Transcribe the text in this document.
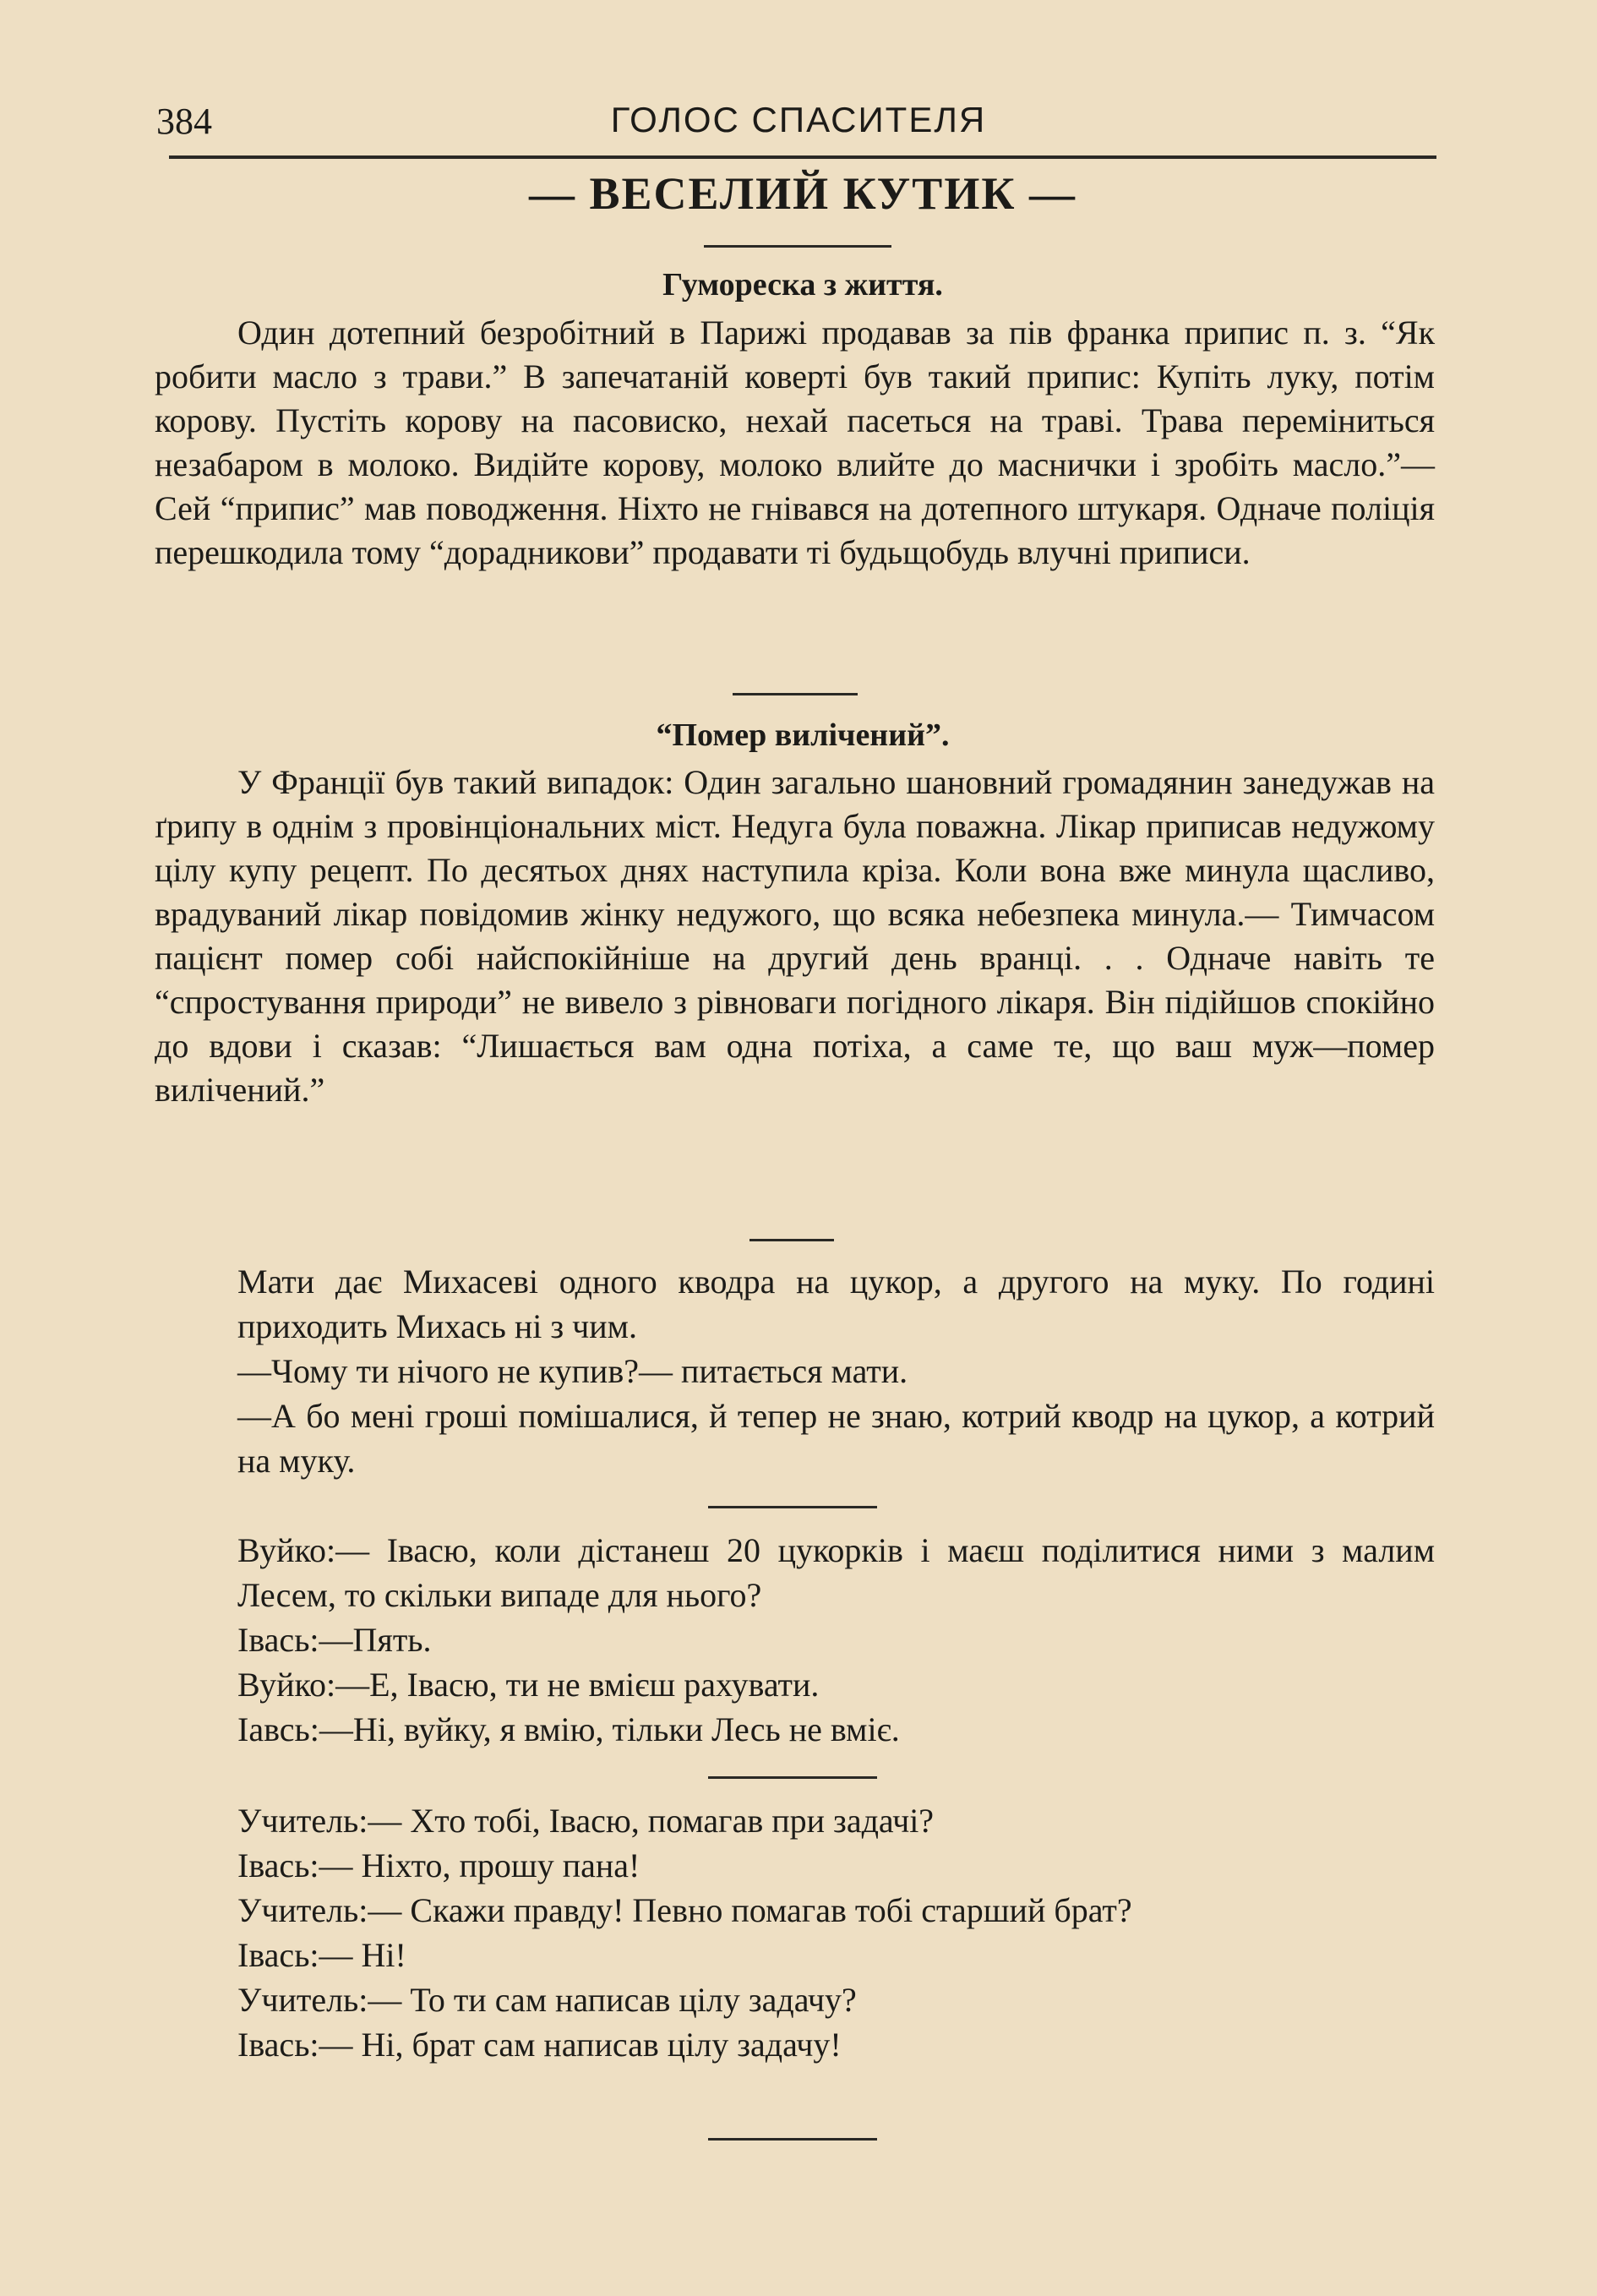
384	ГОЛОС СПАСИТЕЛЯ
— ВЕСЕЛИЙ КУТИК —
Гумореска з життя.
Один дотепний безробітний в Парижі продавав за пів франка припис п. з. “Як робити масло з трави.” В запечатаній коверті був такий припис: Купіть луку, потім корову. Пустіть корову на пасовиско, нехай пасеться на траві. Трава переміниться незабаром в молоко. Видійте корову, молоко влийте до маснички і зробіть масло.”— Сей “припис” мав поводження. Ніхто не гнівався на дотепного штукаря. Одначе поліція перешкодила тому “дорадникови” продавати ті будьщобудь влучні приписи.
“Помер вилічений”.
У Франції був такий випадок: Один загально шановний громадянин занедужав на ґрипу в однім з провінціональних міст. Недуга була поважна. Лікар приписав недужому цілу купу рецепт. По десятьох днях наступила кріза. Коли вона вже минула щасливо, врадуваний лікар повідомив жінку недужого, що всяка небезпека минула.— Тимчасом пацієнт помер собі найспокійніше на другий день вранці. . . Одначе навіть те “спростування природи” не вивело з рівноваги погідного лікаря. Він підійшов спокійно до вдови і сказав: “Лишається вам одна потіха, а саме те, що ваш муж—помер вилічений.”
Мати дає Михасеві одного кводра на цукор, а другого на муку. По годині приходить Михась ні з чим.
—Чому ти нічого не купив?— питається мати.
—А бо мені гроші помішалися, й тепер не знаю, котрий кводр на цукор, а котрий на муку.
Вуйко:— Івасю, коли дістанеш 20 цукорків і маєш поділитися ними з малим Лесем, то скільки випаде для нього?
Івась:—Пять.
Вуйко:—Е, Івасю, ти не вмієш рахувати.
Іавсь:—Ні, вуйку, я вмію, тільки Лесь не вміє.
Учитель:— Хто тобі, Івасю, помагав при задачі?
Івась:— Ніхто, прошу пана!
Учитель:— Скажи правду! Певно помагав тобі старший брат?
Івась:— Ні!
Учитель:— То ти сам написав цілу задачу?
Івась:— Ні, брат сам написав цілу задачу!
